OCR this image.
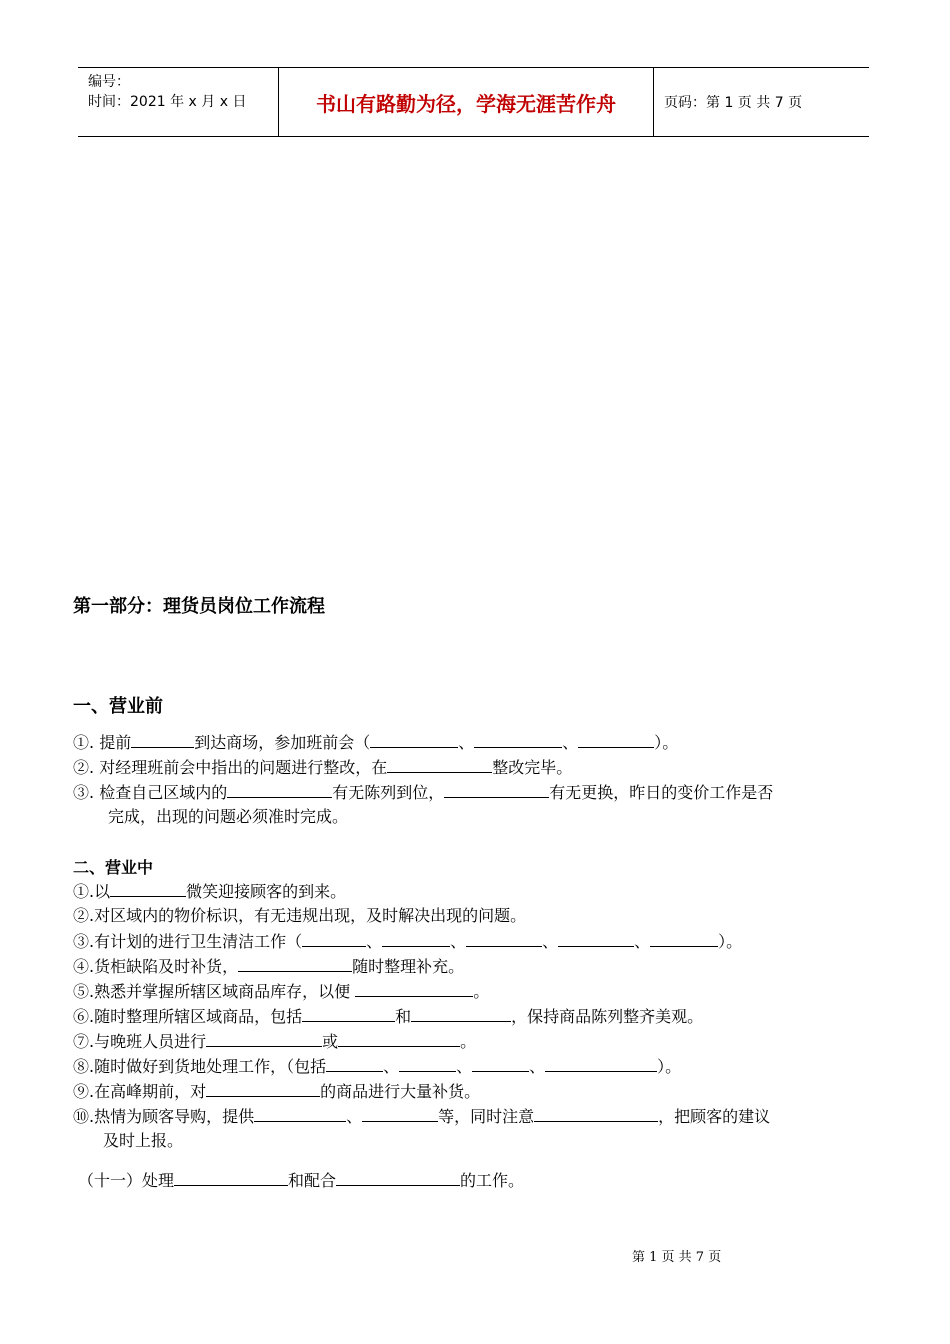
编号：
时间：2021 年 x 月 x 日	书山有路勤为径，学海无涯苦作舟	页码：第 1 页 共 7 页
第一部分：理货员岗位工作流程
一、营业前
①. 提前	到达商场，参加班前会（	、	、	）。
②. 对经理班前会中指出的问题进行整改，在	整改完毕。
③. 检查自己区域内的	有无陈列到位，	有无更换，昨日的变价工作是否
完成，出现的问题必须准时完成。
二、营业中
①.以	微笑迎接顾客的到来。
②.对区域内的物价标识，有无违规出现，及时解决出现的问题。
③.有计划的进行卫生清洁工作（	、	、	、	、	）。
④.货柜缺陷及时补货，	随时整理补充。
⑤.熟悉并掌握所辖区域商品库存，以便	。
⑥.随时整理所辖区域商品，包括	和	，保持商品陈列整齐美观。
⑦.与晚班人员进行	或	。
⑧.随时做好到货地处理工作，（包括	、	、	、	）。
⑨.在高峰期前，对	的商品进行大量补货。
⑩.热情为顾客导购，提供	、	等，同时注意	，把顾客的建议
及时上报。
（十一）处理	和配合	的工作。
第 1 页 共 7 页
